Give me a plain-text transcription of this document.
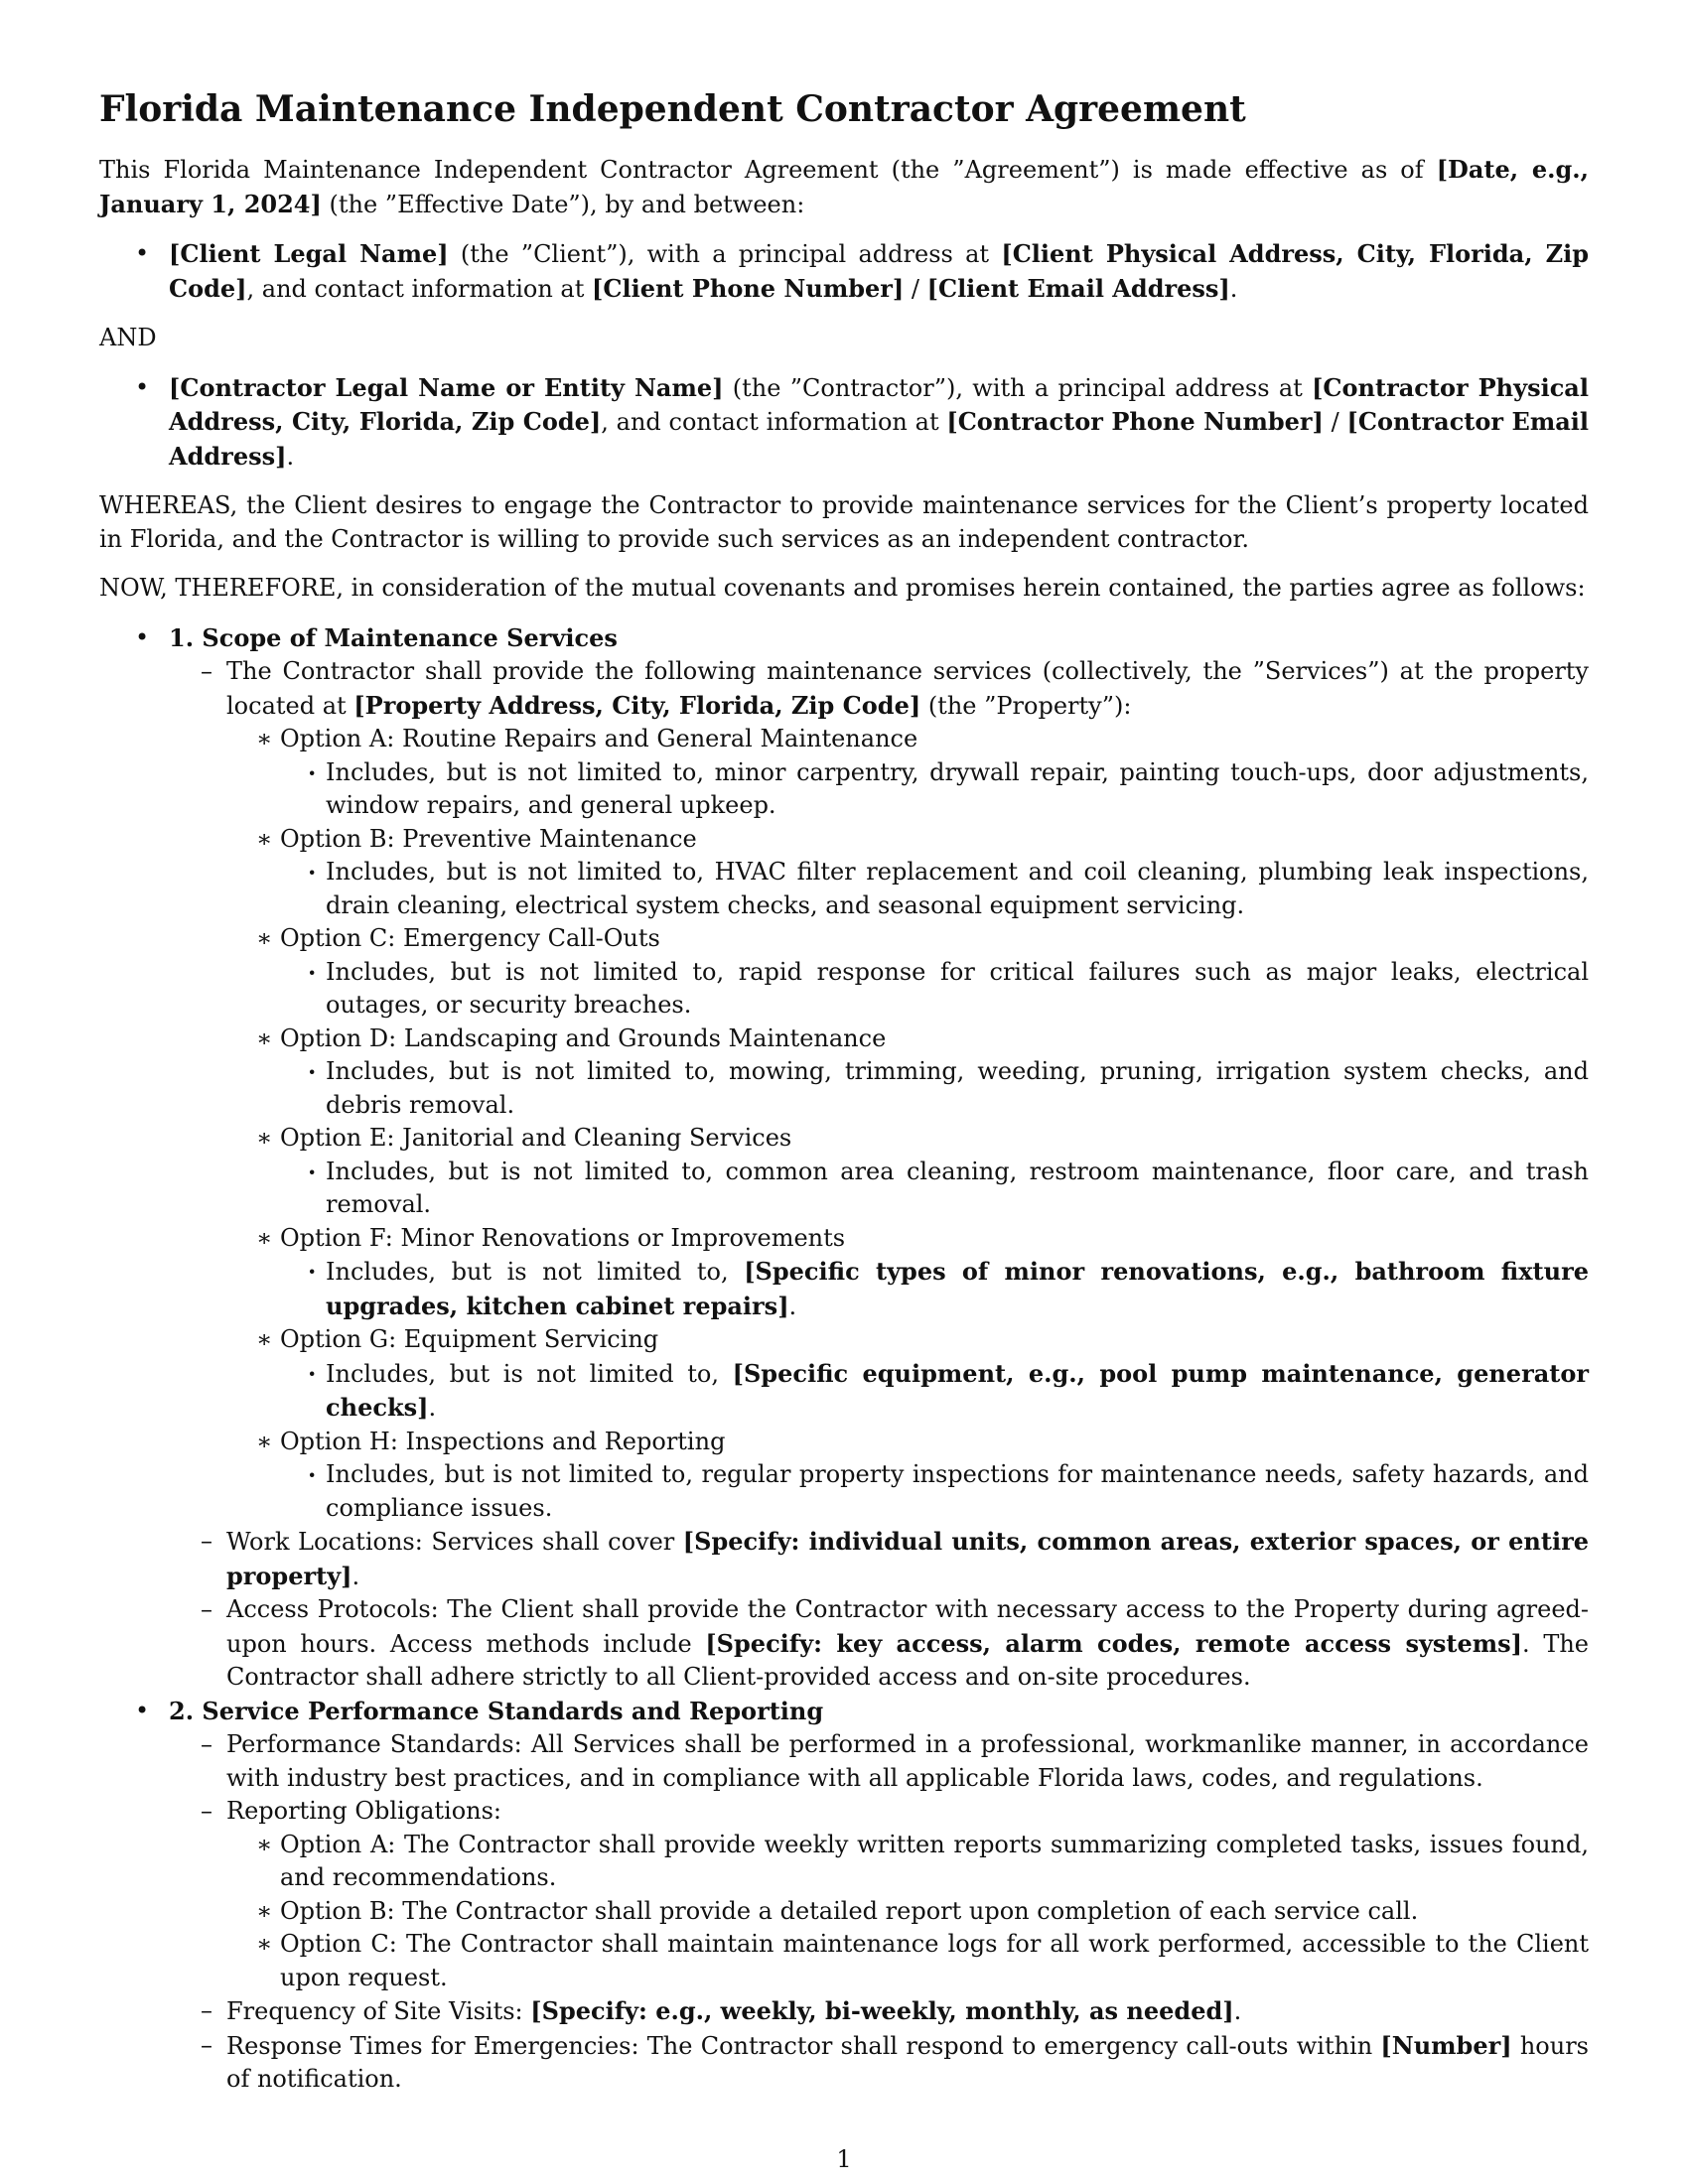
Florida Maintenance Independent Contractor Agreement

This Florida Maintenance Independent Contractor Agreement (the ”Agreement”) is made effective as of [Date, e.g., January 1, 2024] (the ”Effective Date”), by and between:

• [Client Legal Name] (the ”Client”), with a principal address at [Client Physical Address, City, Florida, Zip Code], and contact information at [Client Phone Number] / [Client Email Address].

AND

• [Contractor Legal Name or Entity Name] (the ”Contractor”), with a principal address at [Contractor Physical Address, City, Florida, Zip Code], and contact information at [Contractor Phone Number] / [Contractor Email Address].

WHEREAS, the Client desires to engage the Contractor to provide maintenance services for the Client’s property located in Florida, and the Contractor is willing to provide such services as an independent contractor.

NOW, THEREFORE, in consideration of the mutual covenants and promises herein contained, the parties agree as follows:

• 1. Scope of Maintenance Services
– The Contractor shall provide the following maintenance services (collectively, the ”Services”) at the property located at [Property Address, City, Florida, Zip Code] (the ”Property”):
∗ Option A: Routine Repairs and General Maintenance
· Includes, but is not limited to, minor carpentry, drywall repair, painting touch-ups, door adjustments, window repairs, and general upkeep.
∗ Option B: Preventive Maintenance
· Includes, but is not limited to, HVAC filter replacement and coil cleaning, plumbing leak inspections, drain cleaning, electrical system checks, and seasonal equipment servicing.
∗ Option C: Emergency Call-Outs
· Includes, but is not limited to, rapid response for critical failures such as major leaks, electrical outages, or security breaches.
∗ Option D: Landscaping and Grounds Maintenance
· Includes, but is not limited to, mowing, trimming, weeding, pruning, irrigation system checks, and debris removal.
∗ Option E: Janitorial and Cleaning Services
· Includes, but is not limited to, common area cleaning, restroom maintenance, floor care, and trash removal.
∗ Option F: Minor Renovations or Improvements
· Includes, but is not limited to, [Specific types of minor renovations, e.g., bathroom fixture upgrades, kitchen cabinet repairs].
∗ Option G: Equipment Servicing
· Includes, but is not limited to, [Specific equipment, e.g., pool pump maintenance, generator checks].
∗ Option H: Inspections and Reporting
· Includes, but is not limited to, regular property inspections for maintenance needs, safety hazards, and compliance issues.
– Work Locations: Services shall cover [Specify: individual units, common areas, exterior spaces, or entire property].
– Access Protocols: The Client shall provide the Contractor with necessary access to the Property during agreed-upon hours. Access methods include [Specify: key access, alarm codes, remote access systems]. The Contractor shall adhere strictly to all Client-provided access and on-site procedures.
• 2. Service Performance Standards and Reporting
– Performance Standards: All Services shall be performed in a professional, workmanlike manner, in accordance with industry best practices, and in compliance with all applicable Florida laws, codes, and regulations.
– Reporting Obligations:
∗ Option A: The Contractor shall provide weekly written reports summarizing completed tasks, issues found, and recommendations.
∗ Option B: The Contractor shall provide a detailed report upon completion of each service call.
∗ Option C: The Contractor shall maintain maintenance logs for all work performed, accessible to the Client upon request.
– Frequency of Site Visits: [Specify: e.g., weekly, bi-weekly, monthly, as needed].
– Response Times for Emergencies: The Contractor shall respond to emergency call-outs within [Number] hours of notification.
1
